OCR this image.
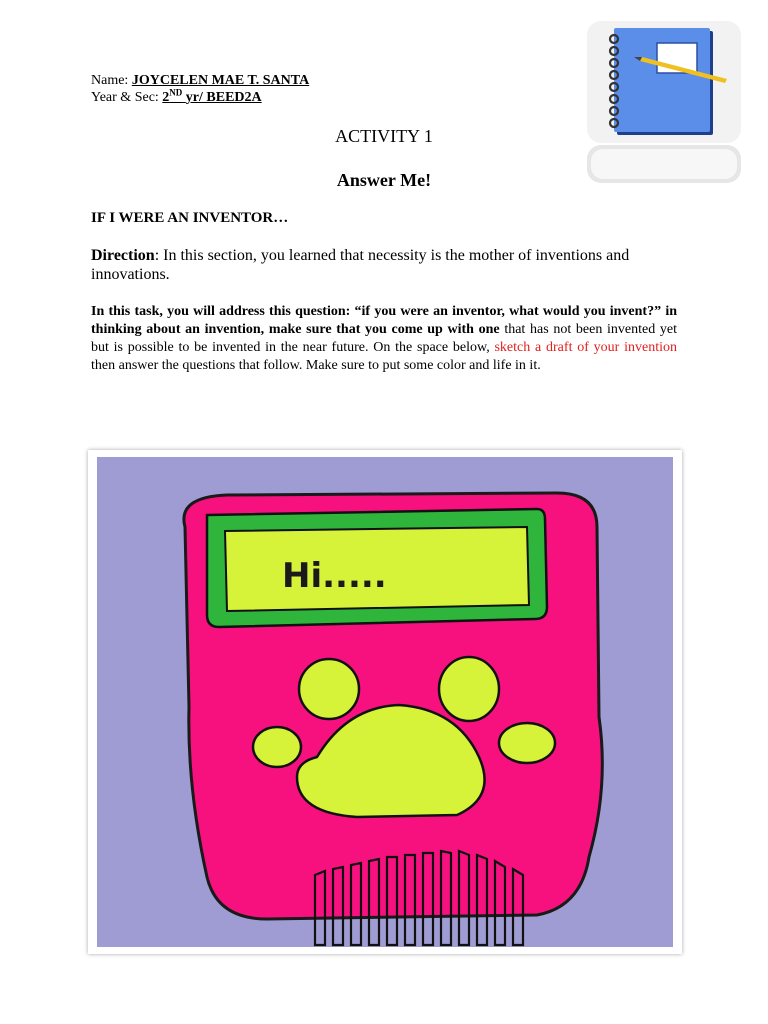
Name: JOYCELEN MAE T. SANTA
Year & Sec: 2ND yr/ BEED2A
ACTIVITY 1
Answer Me!
IF I WERE AN INVENTOR…
Direction: In this section, you learned that necessity is the mother of inventions and innovations.
In this task, you will address this question: “if you were an inventor, what would you invent?” in thinking about an invention, make sure that you come up with one that has not been invented yet but is possible to be invented in the near future. On the space below, sketch a draft of your invention then answer the questions that follow. Make sure to put some color and life in it.
Hi.....
